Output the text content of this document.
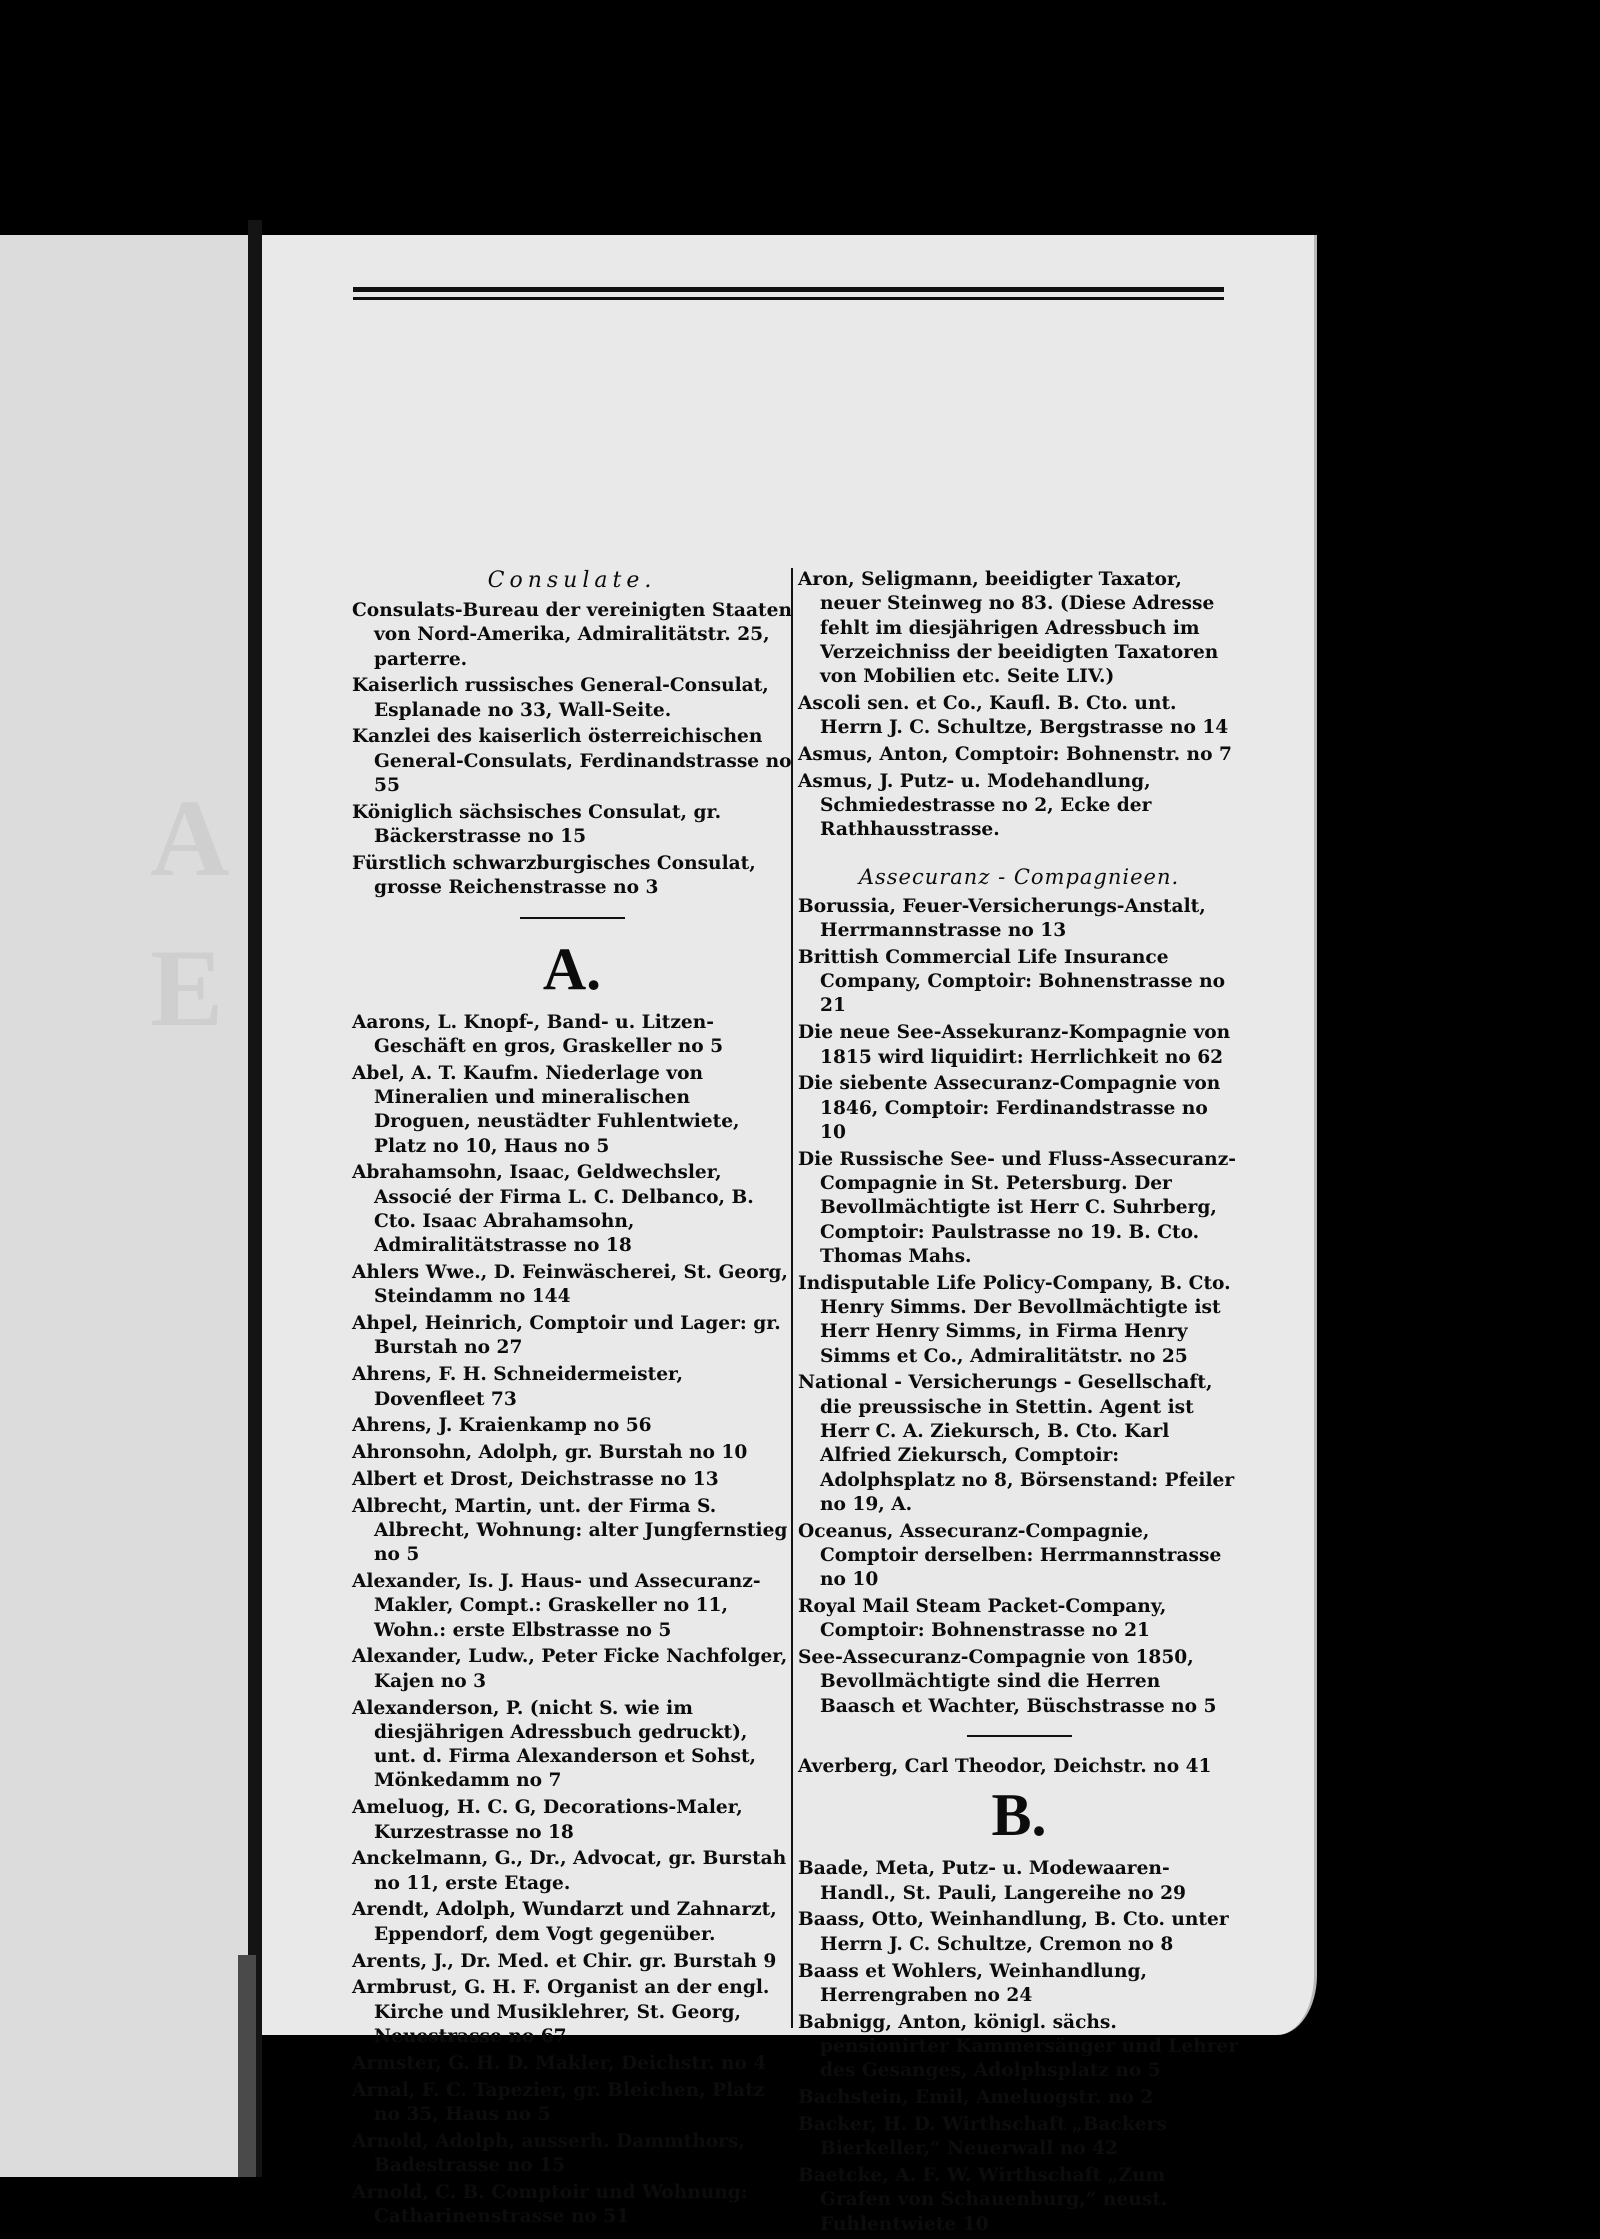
A
E
Consulate.

Consulats-Bureau der vereinigten Staaten von Nord-Amerika, Admiralitätstr. 25, parterre.

Kaiserlich russisches General-Consulat, Esplanade no 33, Wall-Seite.

Kanzlei des kaiserlich österreichischen General-Consulats, Ferdinandstrasse no 55

Königlich sächsisches Consulat, gr. Bäckerstrasse no 15

Fürstlich schwarzburgisches Consulat, grosse Reichenstrasse no 3

A.

Aarons, L. Knopf-, Band- u. Litzen-Geschäft en gros, Graskeller no 5

Abel, A. T. Kaufm. Niederlage von Mineralien und mineralischen Droguen, neustädter Fuhlentwiete, Platz no 10, Haus no 5

Abrahamsohn, Isaac, Geldwechsler, Associé der Firma L. C. Delbanco, B. Cto. Isaac Abrahamsohn, Admiralitätstrasse no 18

Ahlers Wwe., D. Feinwäscherei, St. Georg, Steindamm no 144

Ahpel, Heinrich, Comptoir und Lager: gr. Burstah no 27

Ahrens, F. H. Schneidermeister, Dovenfleet 73

Ahrens, J. Kraienkamp no 56

Ahronsohn, Adolph, gr. Burstah no 10

Albert et Drost, Deichstrasse no 13

Albrecht, Martin, unt. der Firma S. Albrecht, Wohnung: alter Jungfernstieg no 5

Alexander, Is. J. Haus- und Assecuranz-Makler, Compt.: Graskeller no 11, Wohn.: erste Elbstrasse no 5

Alexander, Ludw., Peter Ficke Nachfolger, Kajen no 3

Alexanderson, P. (nicht S. wie im diesjährigen Adressbuch gedruckt), unt. d. Firma Alexanderson et Sohst, Mönkedamm no 7

Ameluog, H. C. G, Decorations-Maler, Kurzestrasse no 18

Anckelmann, G., Dr., Advocat, gr. Burstah no 11, erste Etage.

Arendt, Adolph, Wundarzt und Zahnarzt, Eppendorf, dem Vogt gegenüber.

Arents, J., Dr. Med. et Chir. gr. Burstah 9

Armbrust, G. H. F. Organist an der engl. Kirche und Musiklehrer, St. Georg, Neuestrasse no 67

Armster, G. H. D. Makler, Deichstr. no 4

Arnal, F. C. Tapezier, gr. Bleichen, Platz no 35, Haus no 5

Arnold, Adolph, ausserh. Dammthors, Badestrasse no 15

Arnold, C. B. Comptoir und Wohnung: Catharinenstrasse no 51

Aron, Seligmann, beeidigter Taxator, neuer Steinweg no 83. (Diese Adresse fehlt im diesjährigen Adressbuch im Verzeichniss der beeidigten Taxatoren von Mobilien etc. Seite LIV.)

Ascoli sen. et Co., Kaufl. B. Cto. unt. Herrn J. C. Schultze, Bergstrasse no 14

Asmus, Anton, Comptoir: Bohnenstr. no 7

Asmus, J. Putz- u. Modehandlung, Schmiedestrasse no 2, Ecke der Rathhausstrasse.

Assecuranz - Compagnieen.

Borussia, Feuer-Versicherungs-Anstalt, Herrmannstrasse no 13

Brittish Commercial Life Insurance Company, Comptoir: Bohnenstrasse no 21

Die neue See-Assekuranz-Kompagnie von 1815 wird liquidirt: Herrlichkeit no 62

Die siebente Assecuranz-Compagnie von 1846, Comptoir: Ferdinandstrasse no 10

Die Russische See- und Fluss-Assecuranz-Compagnie in St. Petersburg. Der Bevollmächtigte ist Herr C. Suhrberg, Comptoir: Paulstrasse no 19. B. Cto. Thomas Mahs.

Indisputable Life Policy-Company, B. Cto. Henry Simms. Der Bevollmächtigte ist Herr Henry Simms, in Firma Henry Simms et Co., Admiralitätstr. no 25

National - Versicherungs - Gesellschaft, die preussische in Stettin. Agent ist Herr C. A. Ziekursch, B. Cto. Karl Alfried Ziekursch, Comptoir: Adolphsplatz no 8, Börsenstand: Pfeiler no 19, A.

Oceanus, Assecuranz-Compagnie, Comptoir derselben: Herrmannstrasse no 10

Royal Mail Steam Packet-Company, Comptoir: Bohnenstrasse no 21

See-Assecuranz-Compagnie von 1850, Bevollmächtigte sind die Herren Baasch et Wachter, Büschstrasse no 5

Averberg, Carl Theodor, Deichstr. no 41

B.

Baade, Meta, Putz- u. Modewaaren-Handl., St. Pauli, Langereihe no 29

Baass, Otto, Weinhandlung, B. Cto. unter Herrn J. C. Schultze, Cremon no 8

Baass et Wohlers, Weinhandlung, Herrengraben no 24

Babnigg, Anton, königl. sächs. pensionirter Kammersänger und Lehrer des Gesanges, Adolphsplatz no 5

Bachstein, Emil, Ameluogstr. no 2

Backer, H. D. Wirthschaft „Backers Bierkeller,“ Neuerwall no 42

Baetcke, A. F. W. Wirthschaft „Zum Grafen von Schauenburg,“ neust. Fuhlentwiete 10
